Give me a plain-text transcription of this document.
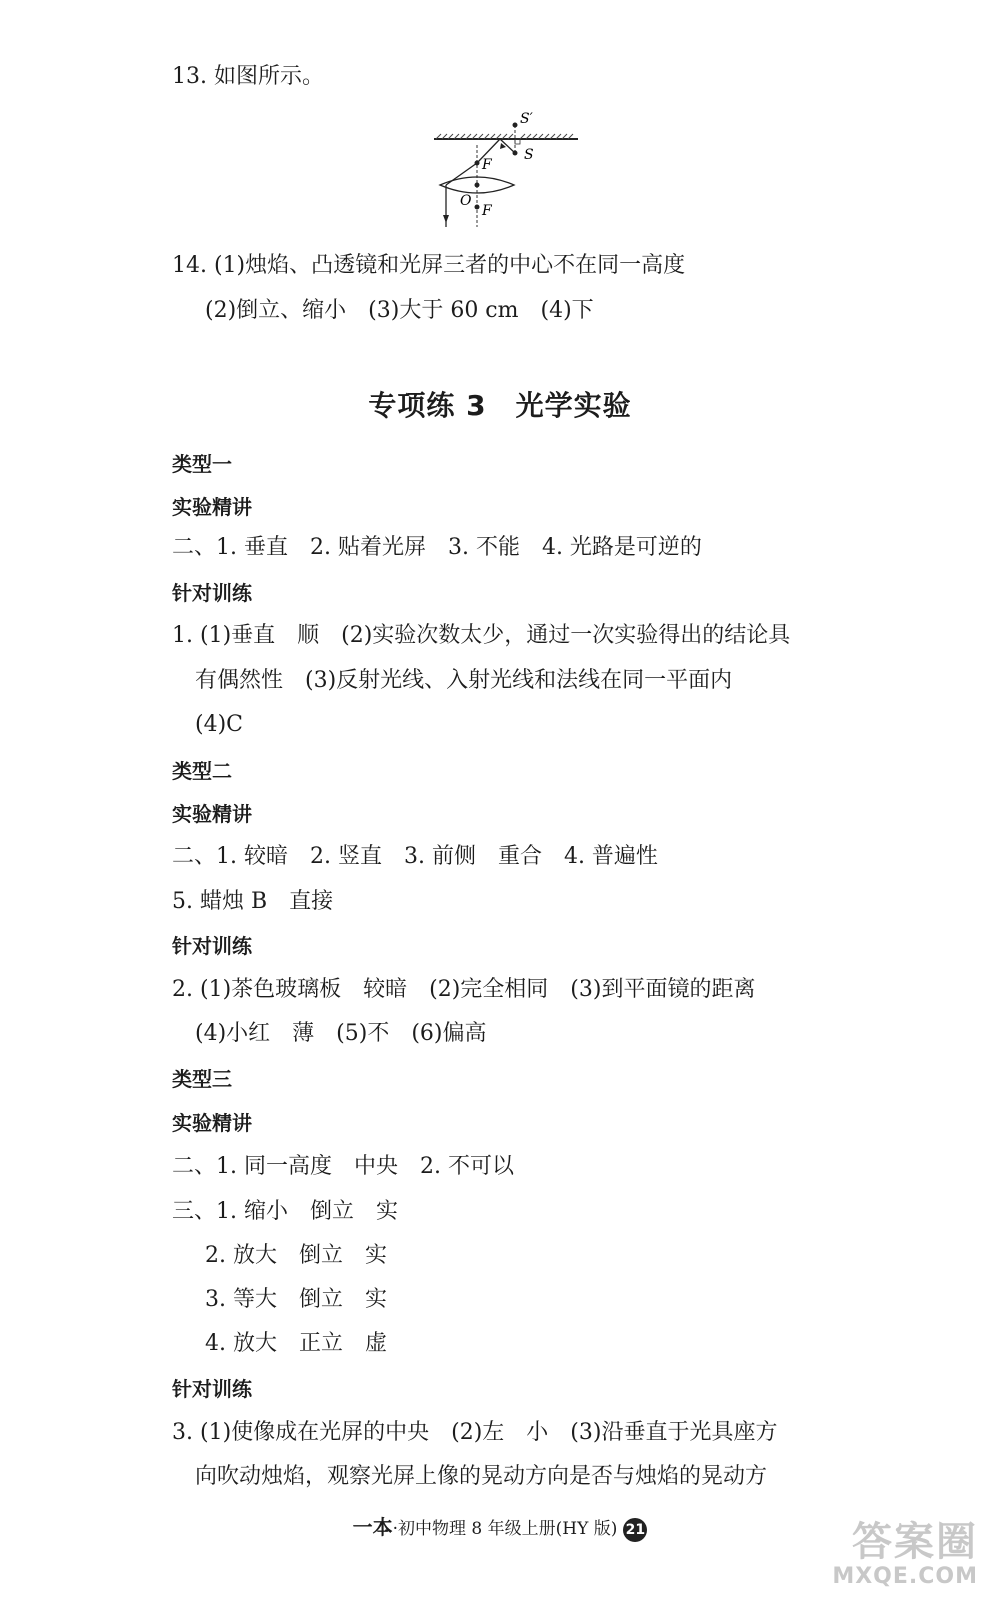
13. 如图所示。
S′
S
F
O
F
14. (1)烛焰、凸透镜和光屏三者的中心不在同一高度
(2)倒立、缩小　(3)大于 60 cm　(4)下
专项练 3　光学实验
类型一
实验精讲
二、1. 垂直　2. 贴着光屏　3. 不能　4. 光路是可逆的
针对训练
1. (1)垂直　顺　(2)实验次数太少，通过一次实验得出的结论具
有偶然性　(3)反射光线、入射光线和法线在同一平面内
(4)C
类型二
实验精讲
二、1. 较暗　2. 竖直　3. 前侧　重合　4. 普遍性
5. 蜡烛 B　直接
针对训练
2. (1)茶色玻璃板　较暗　(2)完全相同　(3)到平面镜的距离
(4)小红　薄　(5)不　(6)偏高
类型三
实验精讲
二、1. 同一高度　中央　2. 不可以
三、1. 缩小　倒立　实
2. 放大　倒立　实
3. 等大　倒立　实
4. 放大　正立　虚
针对训练
3. (1)使像成在光屏的中央　(2)左　小　(3)沿垂直于光具座方
向吹动烛焰，观察光屏上像的晃动方向是否与烛焰的晃动方
一本·初中物理 8 年级上册(HY 版) 21	答案圈
MXQE.COM
